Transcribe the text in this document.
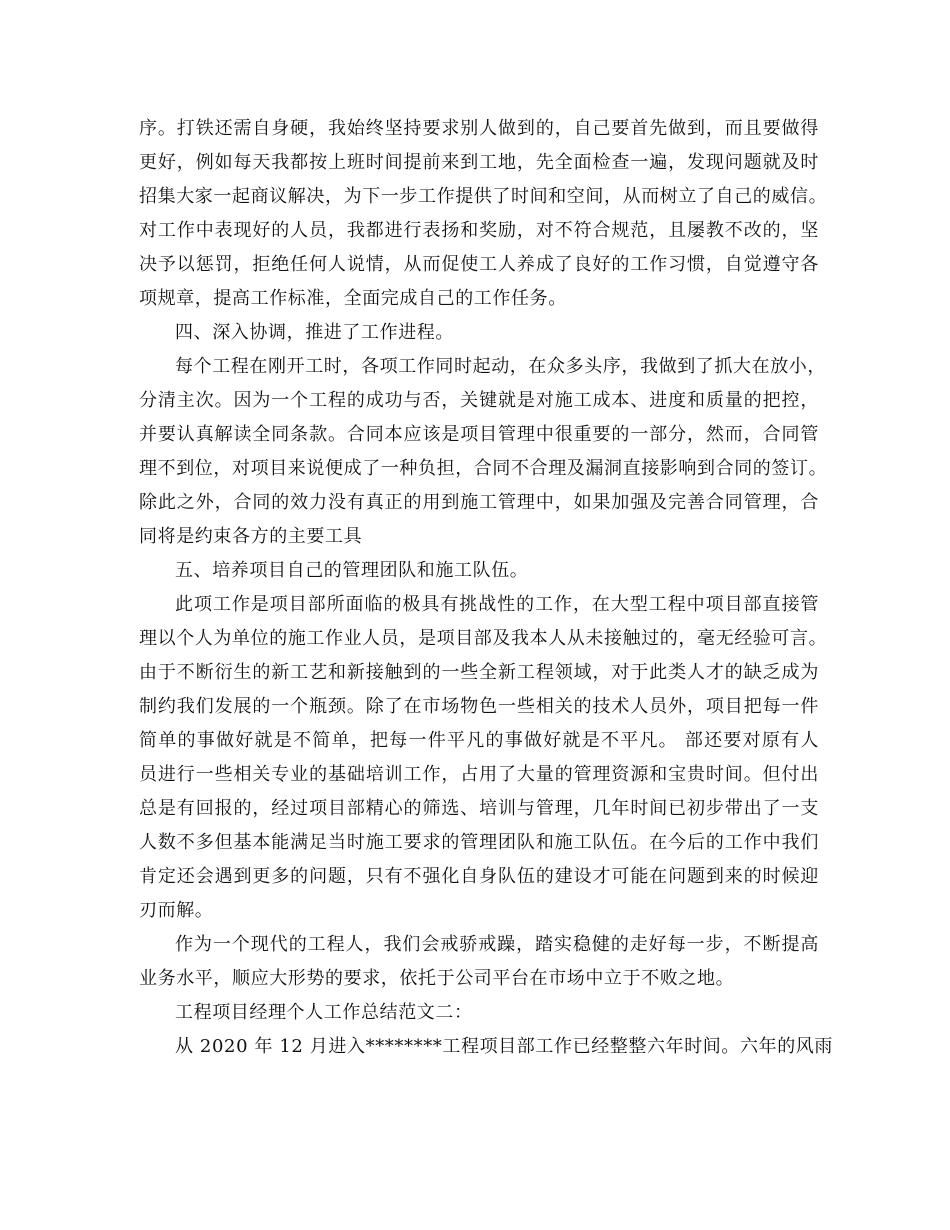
序。打铁还需自身硬，我始终坚持要求别人做到的，自己要首先做到，而且要做得
更好，例如每天我都按上班时间提前来到工地，先全面检查一遍，发现问题就及时
招集大家一起商议解决，为下一步工作提供了时间和空间，从而树立了自己的威信。
对工作中表现好的人员，我都进行表扬和奖励，对不符合规范，且屡教不改的，坚
决予以惩罚，拒绝任何人说情，从而促使工人养成了良好的工作习惯，自觉遵守各
项规章，提高工作标准，全面完成自己的工作任务。
四、深入协调，推进了工作进程。
每个工程在刚开工时，各项工作同时起动，在众多头序，我做到了抓大在放小，
分清主次。因为一个工程的成功与否，关键就是对施工成本、进度和质量的把控，
并要认真解读全同条款。合同本应该是项目管理中很重要的一部分，然而，合同管
理不到位，对项目来说便成了一种负担，合同不合理及漏洞直接影响到合同的签订。
除此之外，合同的效力没有真正的用到施工管理中，如果加强及完善合同管理，合
同将是约束各方的主要工具
五、培养项目自己的管理团队和施工队伍。
此项工作是项目部所面临的极具有挑战性的工作，在大型工程中项目部直接管
理以个人为单位的施工作业人员，是项目部及我本人从未接触过的，毫无经验可言。
由于不断衍生的新工艺和新接触到的一些全新工程领域，对于此类人才的缺乏成为
制约我们发展的一个瓶颈。除了在市场物色一些相关的技术人员外，项目把每一件
简单的事做好就是不简单，把每一件平凡的事做好就是不平凡。 部还要对原有人
员进行一些相关专业的基础培训工作，占用了大量的管理资源和宝贵时间。但付出
总是有回报的，经过项目部精心的筛选、培训与管理，几年时间已初步带出了一支
人数不多但基本能满足当时施工要求的管理团队和施工队伍。在今后的工作中我们
肯定还会遇到更多的问题，只有不强化自身队伍的建设才可能在问题到来的时候迎
刃而解。
作为一个现代的工程人，我们会戒骄戒躁，踏实稳健的走好每一步，不断提高
业务水平，顺应大形势的要求，依托于公司平台在市场中立于不败之地。
工程项目经理个人工作总结范文二：
从 2020 年 12 月进入********工程项目部工作已经整整六年时间。六年的风雨
